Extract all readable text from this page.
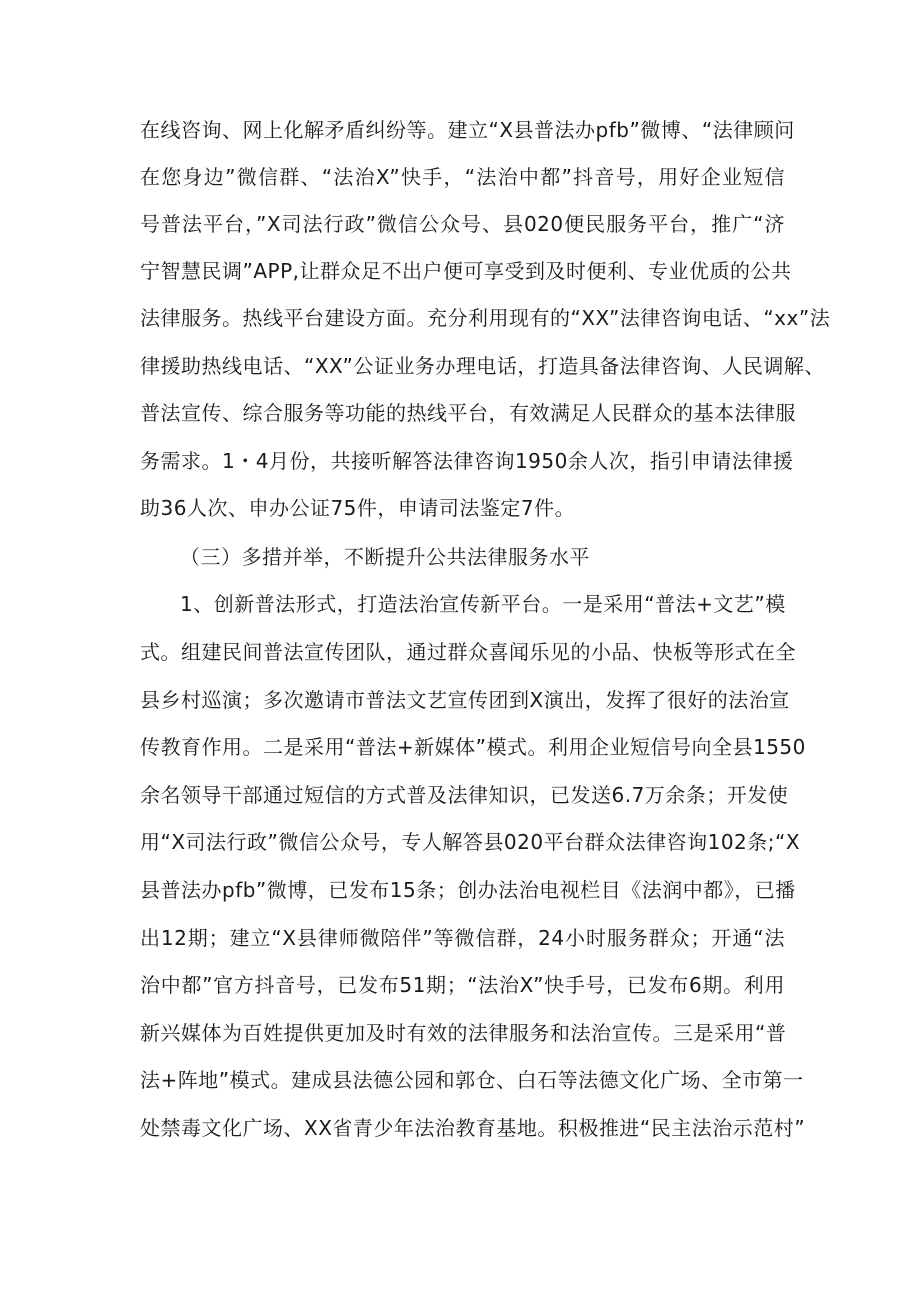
在线咨询、网上化解矛盾纠纷等。建立“X县普法办pfb”微博、“法律顾问
在您身边”微信群、“法治X”快手，“法治中都”抖音号，用好企业短信
号普法平台，”X司法行政”微信公众号、县020便民服务平台，推广“济
宁智慧民调”APP,让群众足不出户便可享受到及时便利、专业优质的公共
法律服务。热线平台建设方面。充分利用现有的“XX”法律咨询电话、“xx”法
律援助热线电话、“XX”公证业务办理电话，打造具备法律咨询、人民调解、
普法宣传、综合服务等功能的热线平台，有效满足人民群众的基本法律服
务需求。1・4月份，共接听解答法律咨询1950余人次，指引申请法律援
助36人次、申办公证75件，申请司法鉴定7件。
（三）多措并举，不断提升公共法律服务水平
1、创新普法形式，打造法治宣传新平台。一是采用“普法+文艺”模
式。组建民间普法宣传团队，通过群众喜闻乐见的小品、快板等形式在全
县乡村巡演；多次邀请市普法文艺宣传团到X演出，发挥了很好的法治宣
传教育作用。二是采用“普法+新媒体”模式。利用企业短信号向全县1550
余名领导干部通过短信的方式普及法律知识，已发送6.7万余条；开发使
用“X司法行政”微信公众号，专人解答县020平台群众法律咨询102条;“X
县普法办pfb”微博，已发布15条；创办法治电视栏目《法润中都》，已播
出12期；建立“X县律师微陪伴”等微信群，24小时服务群众；开通“法
治中都”官方抖音号，已发布51期；“法治X”快手号，已发布6期。利用
新兴媒体为百姓提供更加及时有效的法律服务和法治宣传。三是采用“普
法+阵地”模式。建成县法德公园和郭仓、白石等法德文化广场、全市第一
处禁毒文化广场、XX省青少年法治教育基地。积极推进“民主法治示范村”
